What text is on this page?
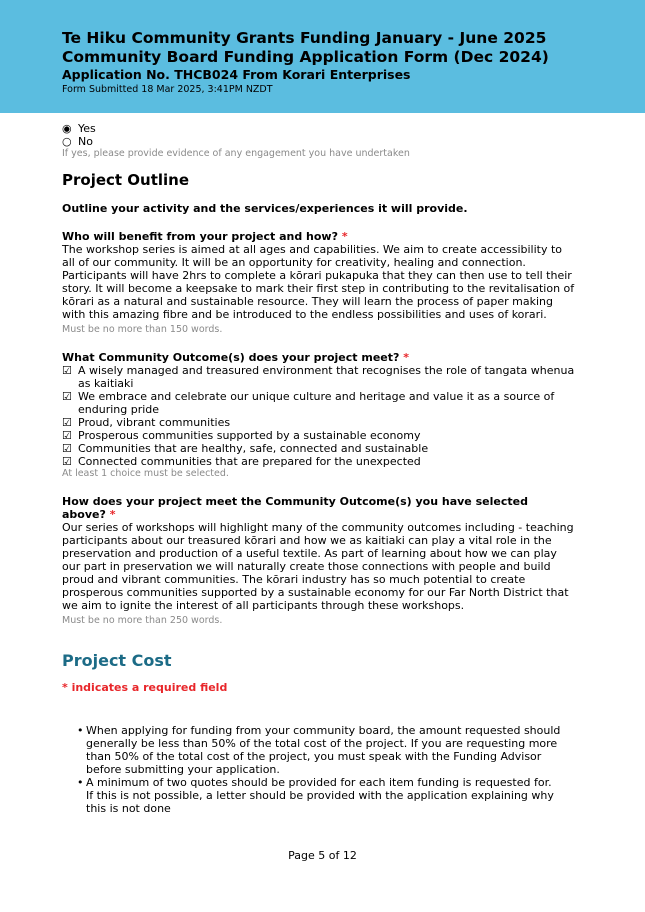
Te Hiku Community Grants Funding January - June 2025 Community Board Funding Application Form (Dec 2024)
Application No. THCB024 From Korari Enterprises
Form Submitted 18 Mar 2025, 3:41PM NZDT
◉ Yes
○ No
If yes, please provide evidence of any engagement you have undertaken
Project Outline
Outline your activity and the services/experiences it will provide.
Who will benefit from your project and how? *
The workshop series is aimed at all ages and capabilities. We aim to create accessibility to all of our community. It will be an opportunity for creativity, healing and connection. Participants will have 2hrs to complete a kōrari pukapuka that they can then use to tell their story. It will become a keepsake to mark their first step in contributing to the revitalisation of kōrari as a natural and sustainable resource. They will learn the process of paper making with this amazing fibre and be introduced to the endless possibilities and uses of korari.
Must be no more than 150 words.
What Community Outcome(s) does your project meet? *
☑ A wisely managed and treasured environment that recognises the role of tangata whenua as kaitiaki
☑ We embrace and celebrate our unique culture and heritage and value it as a source of enduring pride
☑ Proud, vibrant communities
☑ Prosperous communities supported by a sustainable economy
☑ Communities that are healthy, safe, connected and sustainable
☑ Connected communities that are prepared for the unexpected
At least 1 choice must be selected.
How does your project meet the Community Outcome(s) you have selected above? *
Our series of workshops will highlight many of the community outcomes including - teaching participants about our treasured kōrari and how we as kaitiaki can play a vital role in the preservation and production of a useful textile. As part of learning about how we can play our part in preservation we will naturally create those connections with people and build proud and vibrant communities. The kōrari industry has so much potential to create prosperous communities supported by a sustainable economy for our Far North District that we aim to ignite the interest of all participants through these workshops.
Must be no more than 250 words.
Project Cost
* indicates a required field
• When applying for funding from your community board, the amount requested should generally be less than 50% of the total cost of the project. If you are requesting more than 50% of the total cost of the project, you must speak with the Funding Advisor before submitting your application.
• A minimum of two quotes should be provided for each item funding is requested for. If this is not possible, a letter should be provided with the application explaining why this is not done
Page 5 of 12
